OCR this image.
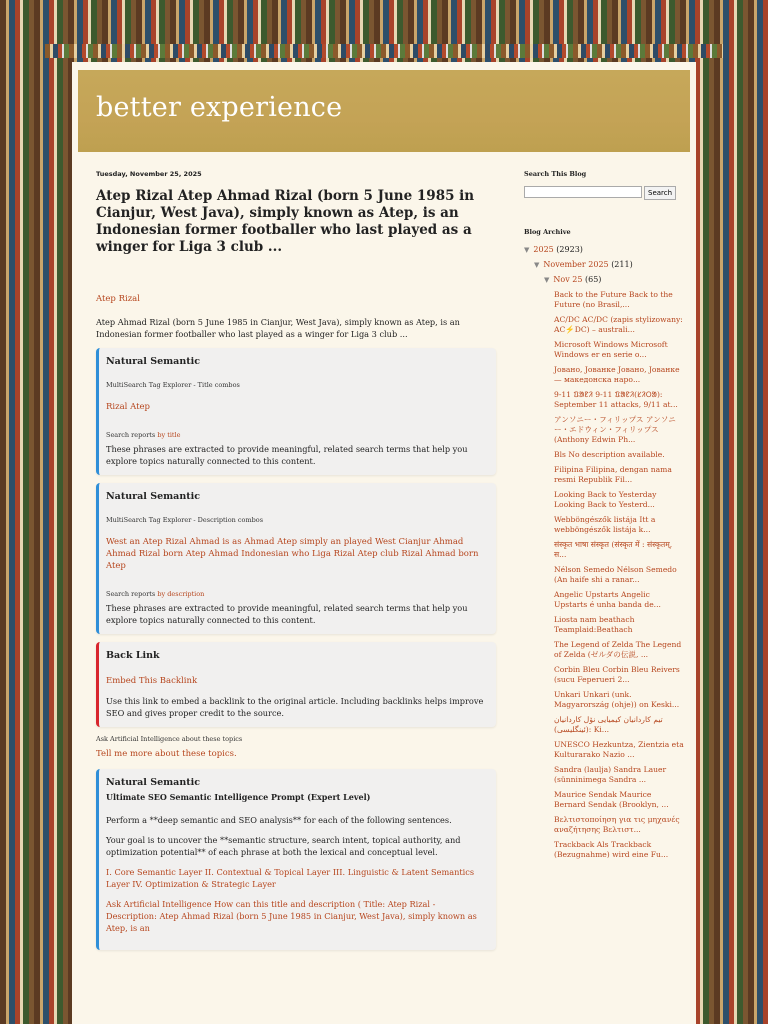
better experience
Tuesday, November 25, 2025
Atep Rizal Atep Ahmad Rizal (born 5 June 1985 in Cianjur, West Java), simply known as Atep, is an Indonesian former footballer who last played as a winger for Liga 3 club ...
Atep Rizal

Atep Ahmad Rizal (born 5 June 1985 in Cianjur, West Java), simply known as Atep, is an Indonesian former footballer who last played as a winger for Liga 3 club ...

Natural Semantic
MultiSearch Tag Explorer - Title combos
Rizal Atep
Search reports by title
These phrases are extracted to provide meaningful, related search terms that help you explore topics naturally connected to this content.
Natural Semantic
MultiSearch Tag Explorer - Description combos
West an Atep Rizal Ahmad is as Ahmad Atep simply an played West Cianjur Ahmad Ahmad Rizal born Atep Ahmad Indonesian who Liga Rizal Atep club Rizal Ahmad born Atep
Search reports by description
These phrases are extracted to provide meaningful, related search terms that help you explore topics naturally connected to this content.
Back Link
Embed This Backlink
Use this link to embed a backlink to the original article. Including backlinks helps improve SEO and gives proper credit to the source.
Ask Artificial Intelligence about these topics
Tell me more about these topics.
Natural Semantic
Ultimate SEO Semantic Intelligence Prompt (Expert Level)

Perform a **deep semantic and SEO analysis** for each of the following sentences.

Your goal is to uncover the **semantic structure, search intent, topical authority, and optimization potential** of each phrase at both the lexical and conceptual level.

I. Core Semantic Layer II. Contextual & Topical Layer III. Linguistic & Latent Semantics Layer IV. Optimization & Strategic Layer
Ask Artificial Intelligence How can this title and description ( Title: Atep Rizal - Description: Atep Ahmad Rizal (born 5 June 1985 in Cianjur, West Java), simply known as Atep, is an
Search This Blog
Search
Blog Archive
▼ 2025 (2923)
▼ November 2025 (211)
▼ Nov 25 (65)
Back to the Future Back to the Future (no Brasil,...
AC/DC AC/DC (zapis stylizowany: AC⚡DC) – australi...
Microsoft Windows Microsoft Windows er en serie o...
Јовано, Јованке Јовано, Јованке — македонска наро...
9-11 ᱯᱟᱱᱤ 9-11 ᱯᱟᱱᱤ(ᱥᱤᱛᱟ): September 11 attacks, 9/11 at...
アンソニー・フィリップス アンソニー・エドウィン・フィリップス (Anthony Edwin Ph...
Bls No description available.
Filipina Filipina, dengan nama resmi Republik Fil...
Looking Back to Yesterday Looking Back to Yesterd...
Webböngészők listája Itt a webböngészők listája k...
संस्कृत भाषा संस्कृत (संस्कृत में : संस्कृतम्, स...
Nélson Semedo Nélson Semedo (An haife shi a ranar...
Angelic Upstarts Angelic Upstarts é unha banda de...
Liosta nam beathach Teamplaid:Beathach
The Legend of Zelda The Legend of Zelda (ゼルダの伝説, ...
Corbin Bleu Corbin Bleu Reivers (sucu Feperueri 2...
Unkari Unkari (unk. Magyarország (ohje)) on Keski...
تیم کاردانیان کیمیایی نۆل کاردانیان (ئینگلیسی): Ki...
UNESCO Hezkuntza, Zientzia eta Kulturarako Nazio ...
Sandra (laulja) Sandra Lauer (sünninimega Sandra ...
Maurice Sendak Maurice Bernard Sendak (Brooklyn, ...
Βελτιστοποίηση για τις μηχανές αναζήτησης Βελτιστ...
Trackback Als Trackback (Bezugnahme) wird eine Fu...
